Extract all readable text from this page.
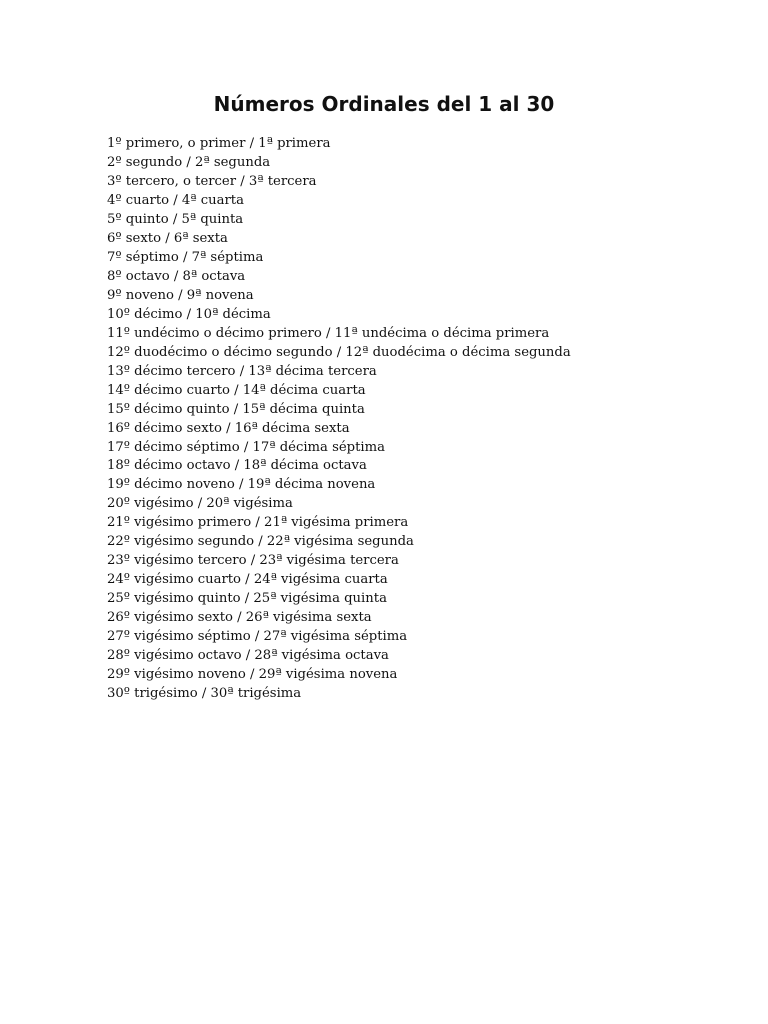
Números Ordinales del 1 al 30
1º primero, o primer / 1ª primera
2º segundo / 2ª segunda
3º tercero, o tercer / 3ª tercera
4º cuarto / 4ª cuarta
5º quinto / 5ª quinta
6º sexto / 6ª sexta
7º séptimo / 7ª séptima
8º octavo / 8ª octava
9º noveno / 9ª novena
10º décimo / 10ª décima
11º undécimo o décimo primero / 11ª undécima o décima primera
12º duodécimo o décimo segundo / 12ª duodécima o décima segunda
13º décimo tercero / 13ª décima tercera
14º décimo cuarto / 14ª décima cuarta
15º décimo quinto / 15ª décima quinta
16º décimo sexto / 16ª décima sexta
17º décimo séptimo / 17ª décima séptima
18º décimo octavo / 18ª décima octava
19º décimo noveno / 19ª décima novena
20º vigésimo / 20ª vigésima
21º vigésimo primero / 21ª vigésima primera
22º vigésimo segundo / 22ª vigésima segunda
23º vigésimo tercero / 23ª vigésima tercera
24º vigésimo cuarto / 24ª vigésima cuarta
25º vigésimo quinto / 25ª vigésima quinta
26º vigésimo sexto / 26ª vigésima sexta
27º vigésimo séptimo / 27ª vigésima séptima
28º vigésimo octavo / 28ª vigésima octava
29º vigésimo noveno / 29ª vigésima novena
30º trigésimo / 30ª trigésima
